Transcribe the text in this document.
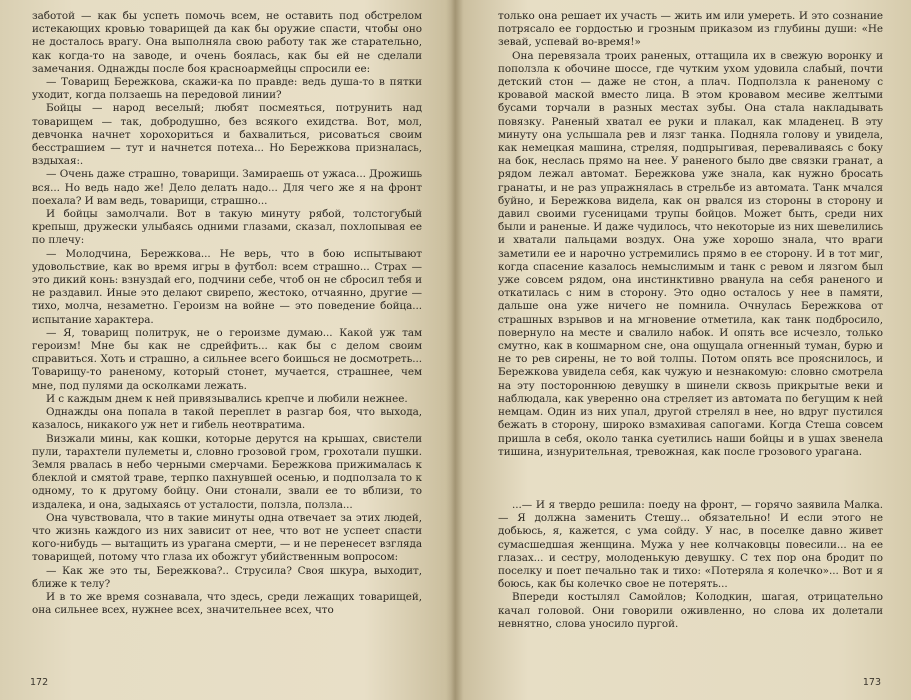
заботой — как бы успеть помочь всем, не оставить под обстрелом истекающих кровью товарищей да как бы оружие спасти, чтобы оно не досталось врагу. Она выполняла свою работу так же старательно, как когда-то на заводе, и очень боялась, как бы ей не сделали замечания. Однажды после боя красноармейцы спросили ее:

— Товарищ Бережкова, скажи-ка по правде: ведь душа-то в пятки уходит, когда ползаешь на передовой линии?

Бойцы — народ веселый; любят посмеяться, потрунить над товарищем — так, добродушно, без всякого ехидства. Вот, мол, девчонка начнет хорохориться и бахвалиться, рисоваться своим бесстрашием — тут и начнется потеха... Но Бережкова призналась, вздыхая:.

— Очень даже страшно, товарищи. Замираешь от ужаса... Дрожишь вся... Но ведь надо же! Дело делать надо... Для чего же я на фронт поехала? И вам ведь, товарищи, страшно...

И бойцы замолчали. Вот в такую минуту рябой, толстогубый крепыш, дружески улыбаясь одними глазами, сказал, похлопывая ее по плечу:

— Молодчина, Бережкова... Не верь, что в бою испытывают удовольствие, как во время игры в футбол: всем страшно... Страх — это дикий конь: взнуздай его, подчини себе, чтоб он не сбросил тебя и не раздавил. Иные это делают свирепо, жестоко, отчаянно, другие — тихо, молча, незаметно. Героизм на войне — это поведение бойца... испытание характера.

— Я, товарищ политрук, не о героизме думаю... Какой уж там героизм! Мне бы как не сдрейфить... как бы с делом своим справиться. Хоть и страшно, а сильнее всего боишься не досмотреть... Товарищу-то раненому, который стонет, мучается, страшнее, чем мне, под пулями да осколками лежать.

И с каждым днем к ней привязывались крепче и любили нежнее.

Однажды она попала в такой переплет в разгар боя, что выхода, казалось, никакого уж нет и гибель неотвратима.

Визжали мины, как кошки, которые дерутся на крышах, свистели пули, тарахтели пулеметы и, словно грозовой гром, грохотали пушки. Земля рвалась в небо черными смерчами. Бережкова прижималась к блеклой и смятой траве, терпко пахнувшей осенью, и подползала то к одному, то к другому бойцу. Они стонали, звали ее то вблизи, то издалека, и она, задыхаясь от усталости, ползла, ползла...

Она чувствовала, что в такие минуты одна отвечает за этих людей, что жизнь каждого из них зависит от нее, что вот не успеет спасти кого-нибудь — вытащить из урагана смерти, — и не перенесет взгляда товарищей, потому что глаза их обожгут убийственным вопросом:

— Как же это ты, Бережкова?.. Струсила? Своя шкура, выходит, ближе к телу?

И в то же время сознавала, что здесь, среди лежащих товарищей, она сильнее всех, нужнее всех, значительнее всех, что

172

только она решает их участь — жить им или умереть. И это сознание потрясало ее гордостью и грозным приказом из глубины души: «Не зевай, успевай во-время!»

Она перевязала троих раненых, оттащила их в свежую воронку и поползла к обочине шоссе, где чутким ухом удовила слабый, почти детский стон — даже не стон, а плач. Подползла к раненому с кровавой маской вместо лица. В этом кровавом месиве желтыми бусами торчали в разных местах зубы. Она стала накладывать повязку. Раненый хватал ее руки и плакал, как младенец. В эту минуту она услышала рев и лязг танка. Подняла голову и увидела, как немецкая машина, стреляя, подпрыгивая, переваливаясь с боку на бок, неслась прямо на нее. У раненого было две связки гранат, а рядом лежал автомат. Бережкова уже знала, как нужно бросать гранаты, и не раз упражнялась в стрельбе из автомата. Танк мчался буйно, и Бережкова видела, как он рвался из стороны в сторону и давил своими гусеницами трупы бойцов. Может быть, среди них были и раненые. И даже чудилось, что некоторые из них шевелились и хватали пальцами воздух. Она уже хорошо знала, что враги заметили ее и нарочно устремились прямо в ее сторону. И в тот миг, когда спасение казалось немыслимым и танк с ревом и лязгом был уже совсем рядом, она инстинктивно рванула на себя раненого и откатилась с ним в сторону. Это одно осталось у нее в памяти, дальше она уже ничего не помнила. Очнулась Бережкова от страшных взрывов и на мгновение отметила, как танк подбросило, повернуло на месте и свалило набок. И опять все исчезло, только смутно, как в кошмарном сне, она ощущала огненный туман, бурю и не то рев сирены, не то вой толпы. Потом опять все прояснилось, и Бережкова увидела себя, как чужую и незнакомую: словно смотрела на эту постороннюю девушку в шинели сквозь прикрытые веки и наблюдала, как уверенно она стреляет из автомата по бегущим к ней немцам. Один из них упал, другой стрелял в нее, но вдруг пустился бежать в сторону, широко взмахивая сапогами. Когда Стеша совсем пришла в себя, около танка суетились наши бойцы и в ушах звенела тишина, изнурительная, тревожная, как после грозового урагана.

...— И я твердо решила: поеду на фронт, — горячо заявила Малка. — Я должна заменить Стешу... обязательно! И если этого не добьюсь, я, кажется, с ума сойду. У нас, в поселке давно живет сумасшедшая женщина. Мужа у нее колчаковцы повесили... на ее глазах... и сестру, молоденькую девушку. С тех пор она бродит по поселку и поет печально так и тихо: «Потерялa я колечко»... Вот и я боюсь, как бы колечко свое не потерять...

Впереди костылял Самойлов; Колодкин, шагая, отрицательно качал головой. Они говорили оживленно, но слова их долетали невнятно, слова уносило пургой.

173
